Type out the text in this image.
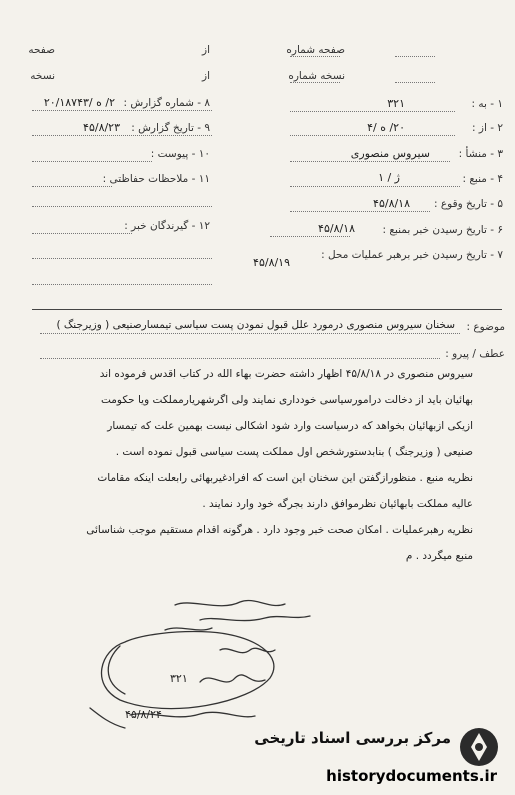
صفحه شماره
از
صفحه
نسخه شماره
از
نسخه
۱ - به :
۳۲۱
۲ - از :
۲۰/ ه /۴
۳ - منشأ :
سیروس منصوری
۴ - منبع :
ژ / ۱
۵ - تاریخ وقوع :
۴۵/۸/۱۸
۶ - تاریخ رسیدن خبر بمنبع :
۴۵/۸/۱۸
۷ - تاریخ رسیدن خبر برهبر عملیات محل :
۴۵/۸/۱۹
۸ - شماره گزارش :
۲/ ه /۲۰/۱۸۷۴۳
۹ - تاریخ گزارش :
۴۵/۸/۲۳
۱۰ - پیوست :
۱۱ - ملاحظات حفاظتی :
۱۲ - گیرندگان خبر :
موضوع :
سخنان سیروس منصوری درمورد علل قبول نمودن پست سیاسی تیمسارصنیعی ( وزیرجنگ )
عطف / پیرو :
سیروس منصوری در ۴۵/۸/۱۸ اظهار داشته حضرت بهاء الله در کتاب اقدس فرموده اند
بهائیان باید از دخالت درامورسیاسی خودداری نمایند ولی اگرشهریارمملکت ویا حکومت
ازیکی ازبهائیان بخواهد که درسیاست وارد شود اشکالی نیست بهمین علت که تیمسار
صنیعی ( وزیرجنگ ) بنابدستورشخص اول مملکت پست سیاسی قبول نموده است .
نظریه منبع . منظورازگفتن این سخنان این است که افرادغیربهائی رابعلت اینکه مقامات
عالیه مملکت بابهائیان نظرموافق دارند بجرگه خود وارد نمایند .
نظریه رهبرعملیات . امکان صحت خبر وجود دارد . هرگونه اقدام مستقیم موجب شناسائی
منبع میگردد . م
۳۲۱
۴۵/۸/۲۴
مرکز بررسی اسناد تاریخی
historydocuments.ir
